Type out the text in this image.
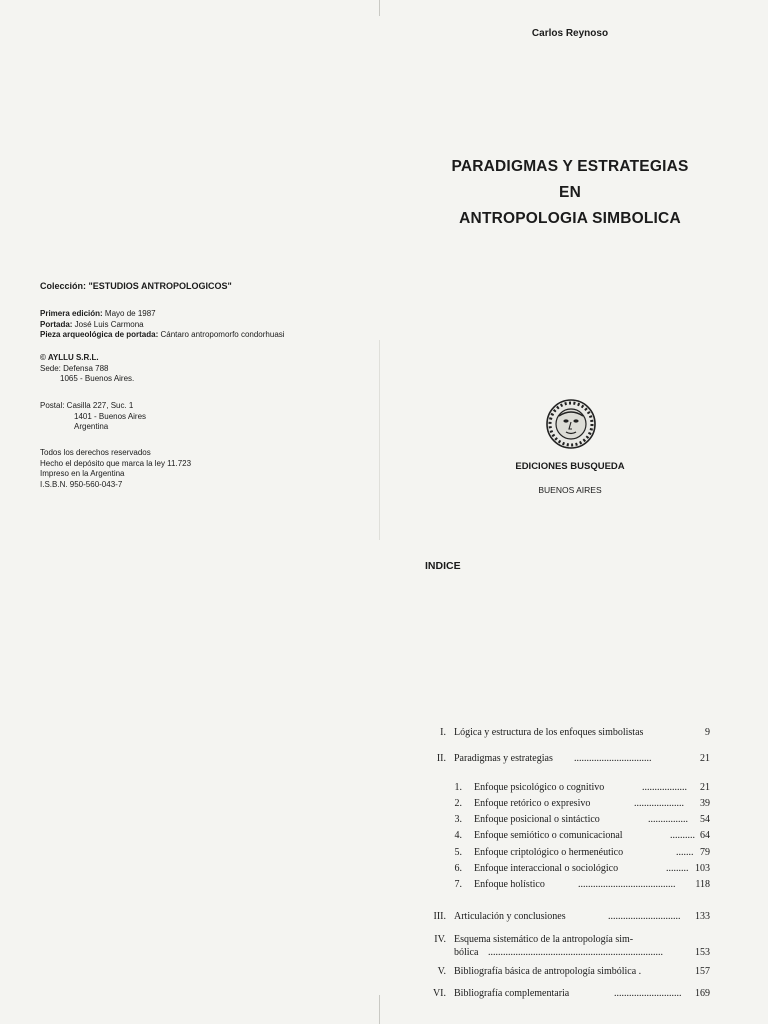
Carlos Reynoso
PARADIGMAS Y ESTRATEGIAS
EN
ANTROPOLOGIA SIMBOLICA
EDICIONES BUSQUEDA
BUENOS AIRES
INDICE
Colección: "ESTUDIOS ANTROPOLOGICOS"
Primera edición: Mayo de 1987
Portada: José Luis Carmona
Pieza arqueológica de portada: Cántaro antropomorfo condorhuasi
© AYLLU S.R.L.
Sede: Defensa 788
1065 - Buenos Aires.
Postal: Casilla 227, Suc. 1
1401 - Buenos Aires
Argentina
Todos los derechos reservados
Hecho el depósito que marca la ley 11.723
Impreso en la Argentina
I.S.B.N. 950-560-043-7
I. Lógica y estructura de los enfoques simbolistas	9
II. Paradigmas y estrategias ...............................	21
1. Enfoque psicológico o cognitivo	..................	21
2. Enfoque retórico o expresivo	....................	39
3. Enfoque posicional o sintáctico	................	54
4. Enfoque semiótico o comunicacional	.......... 64
5. Enfoque criptológico o hermenéutico	....... 79
6. Enfoque interaccional o sociológico	......... 103
7. Enfoque holístico	.......................................	118
III. Articulación y conclusiones	.............................	133
IV. Esquema sistemático de la antropología sim-
bólica ......................................................................	153
V. Bibliografía básica de antropología simbólica .	157
VI. Bibliografía complementaria	...........................	169
